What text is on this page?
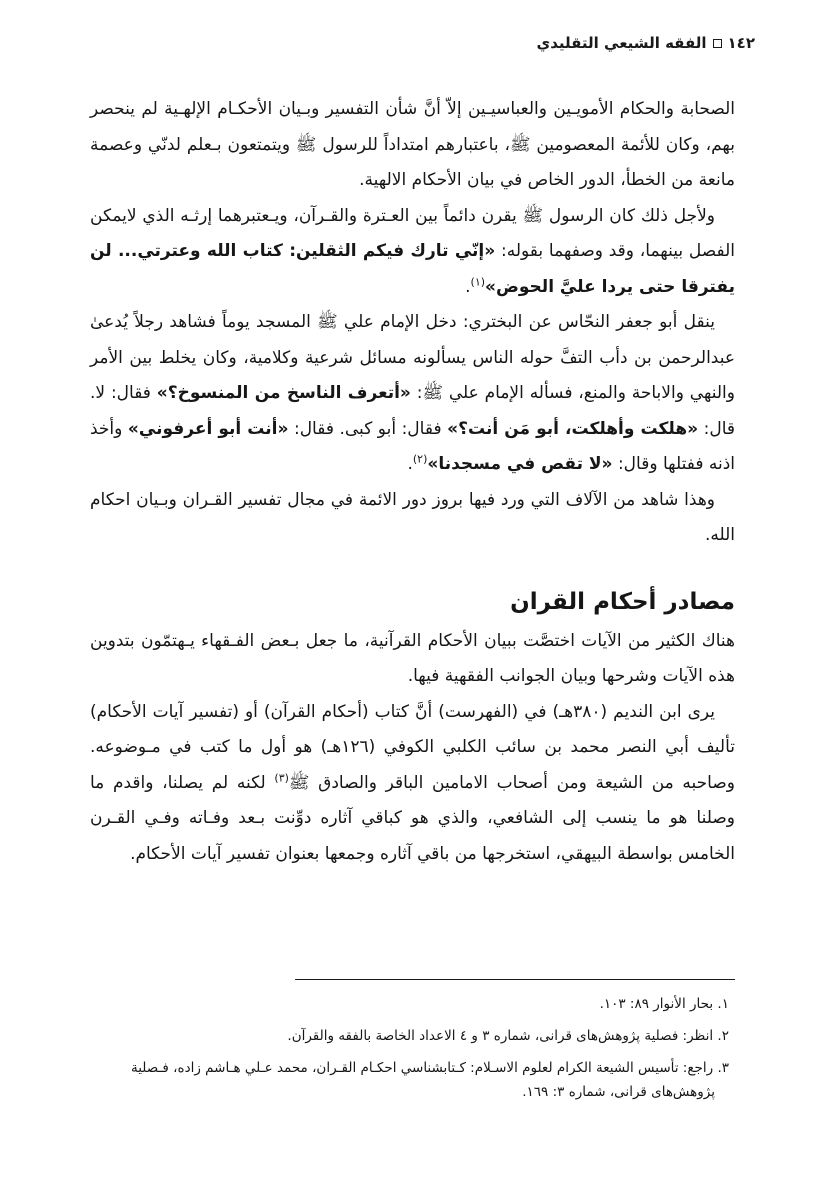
١٤٢
الفقه الشيعي التقليدي

الصحابة والحكام الأمويـين والعباسيـين إلاّ أنَّ شأن التفسير وبـيان الأحكـام الإلهـية لم ينحصر بهم، وكان للأئمة المعصومين ﷺ، باعتبارهم امتداداً للرسول ﷺ ويتمتعون بـعلم لدنّي وعصمة مانعة من الخطأ، الدور الخاص في بيان الأحكام الالهية.

ولأجل ذلك كان الرسول ﷺ يقرن دائماً بين العـترة والقـرآن، ويـعتبرهما إرثـه الذي لايمكن الفصل بينهما، وقد وصفهما بقوله: «إنّي تارك فيكم الثقلين: كتاب الله وعترتي... لن يفترقا حتى يردا عليَّ الحوض»$^{(١)}$.

ينقل أبو جعفر النحّاس عن البختري: دخل الإمام علي ﷺ المسجد يوماً فشاهد رجلاً يُدعىٰ عبدالرحمن بن دأب التفَّ حوله الناس يسألونه مسائل شرعية وكلامية، وكان يخلط بين الأمر والنهي والاباحة والمنع، فسأله الإمام علي ﷺ: «أتعرف الناسخ من المنسوخ؟» فقال: لا. قال: «هلكت وأهلكت، أبو مَن أنت؟» فقال: أبو كبى. فقال: «أنت أبو أعرفوني» وأخذ اذنه ففتلها وقال: «لا تقص في مسجدنا»$^{(٢)}$.

وهذا شاهد من الآلاف التي ورد فيها بروز دور الائمة في مجال تفسير القـران وبـيان احكام الله.

مصادر أحكام القران

هناك الكثير من الآيات اختصَّت ببيان الأحكام القرآنية، ما جعل بـعض الفـقهاء يـهتمّون بتدوين هذه الآيات وشرحها وبيان الجوانب الفقهية فيها.

يرى ابن النديم (٣٨٠هـ) في (الفهرست) أنَّ كتاب (أحكام القرآن) أو (تفسير آيات الأحكام) تأليف أبي النصر محمد بن سائب الكلبي الكوفي (١٢٦هـ) هو أول ما كتب في مـوضوعه. وصاحبه من الشيعة ومن أصحاب الامامين الباقر والصادق ﷺ$^{(٣)}$ لكنه لم يصلنا، واقدم ما وصلنا هو ما ينسب إلى الشافعي، والذي هو كباقي آثاره دوِّنت بـعد وفـاته وفـي القـرن الخامس بواسطة البيهقي، استخرجها من باقي آثاره وجمعها بعنوان تفسير آيات الأحكام.

١. بحار الأنوار ٨٩: ١٠٣.

٢. انظر: فصلية پژوهش‌هاى قرانى، شماره ٣ و ٤ الاعداد الخاصة بالفقه والقرآن.

٣. راجع: تأسيس الشيعة الكرام لعلوم الاسـلام: كـتابشناسي احكـام القـران، محمد عـلي هـاشم زاده، فـصلية

پژوهش‌هاى قرانى، شماره ٣: ١٦٩.
